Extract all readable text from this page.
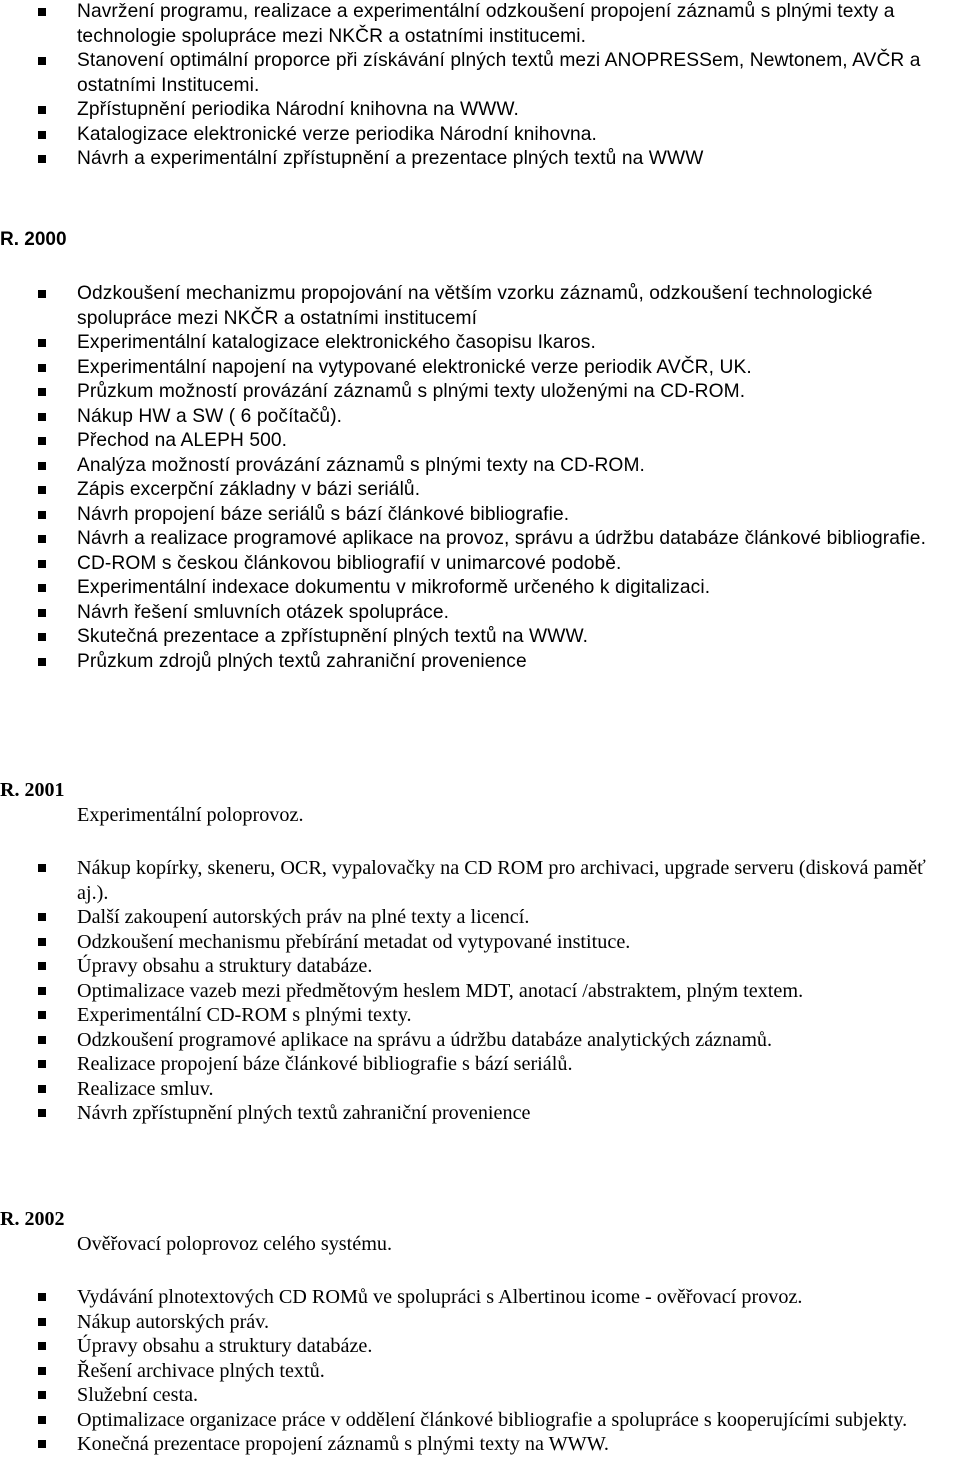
Navržení programu, realizace a experimentální odzkoušení propojení záznamů s plnými texty a technologie spolupráce mezi NKČR a ostatními institucemi.
Stanovení optimální proporce při získávání plných textů mezi ANOPRESSem, Newtonem, AVČR a ostatními Institucemi.
Zpřístupnění periodika Národní knihovna na WWW.
Katalogizace elektronické verze periodika Národní knihovna.
Návrh a experimentální zpřístupnění a prezentace plných textů na WWW
R. 2000
Odzkoušení mechanizmu propojování na větším vzorku záznamů, odzkoušení technologické spolupráce mezi NKČR a ostatními institucemí
Experimentální katalogizace elektronického časopisu Ikaros.
Experimentální napojení na vytypované elektronické verze periodik AVČR, UK.
Průzkum možností provázání záznamů s plnými texty uloženými na CD-ROM.
Nákup HW a SW ( 6 počítačů).
Přechod na ALEPH 500.
Analýza možností provázání záznamů s plnými texty na CD-ROM.
Zápis excerpční základny v bázi seriálů.
Návrh propojení báze seriálů s bází článkové bibliografie.
Návrh a realizace programové aplikace na provoz, správu a údržbu databáze článkové bibliografie.
CD-ROM s českou článkovou bibliografií v unimarcové podobě.
Experimentální indexace dokumentu v mikroformě určeného k digitalizaci.
Návrh řešení smluvních otázek spolupráce.
Skutečná prezentace a zpřístupnění plných textů na WWW.
Průzkum zdrojů plných textů zahraniční provenience
R. 2001

Experimentální poloprovoz.

Nákup kopírky, skeneru, OCR, vypalovačky na CD ROM pro archivaci, upgrade serveru (disková paměť aj.).
Další zakoupení autorských práv na plné texty a licencí.
Odzkoušení mechanismu přebírání metadat od vytypované instituce.
Úpravy obsahu a struktury databáze.
Optimalizace vazeb mezi předmětovým heslem MDT, anotací /abstraktem, plným textem.
Experimentální CD-ROM s plnými texty.
Odzkoušení programové aplikace na správu a údržbu databáze analytických záznamů.
Realizace propojení báze článkové bibliografie s bází seriálů.
Realizace smluv.
Návrh zpřístupnění plných textů zahraniční provenience
R. 2002

Ověřovací poloprovoz celého systému.

Vydávání plnotextových CD ROMů ve spolupráci s Albertinou icome - ověřovací provoz.
Nákup autorských práv.
Úpravy obsahu a struktury databáze.
Řešení archivace plných textů.
Služební cesta.
Optimalizace organizace práce v oddělení článkové bibliografie a spolupráce s kooperujícími subjekty.
Konečná prezentace propojení záznamů s plnými texty na WWW.
